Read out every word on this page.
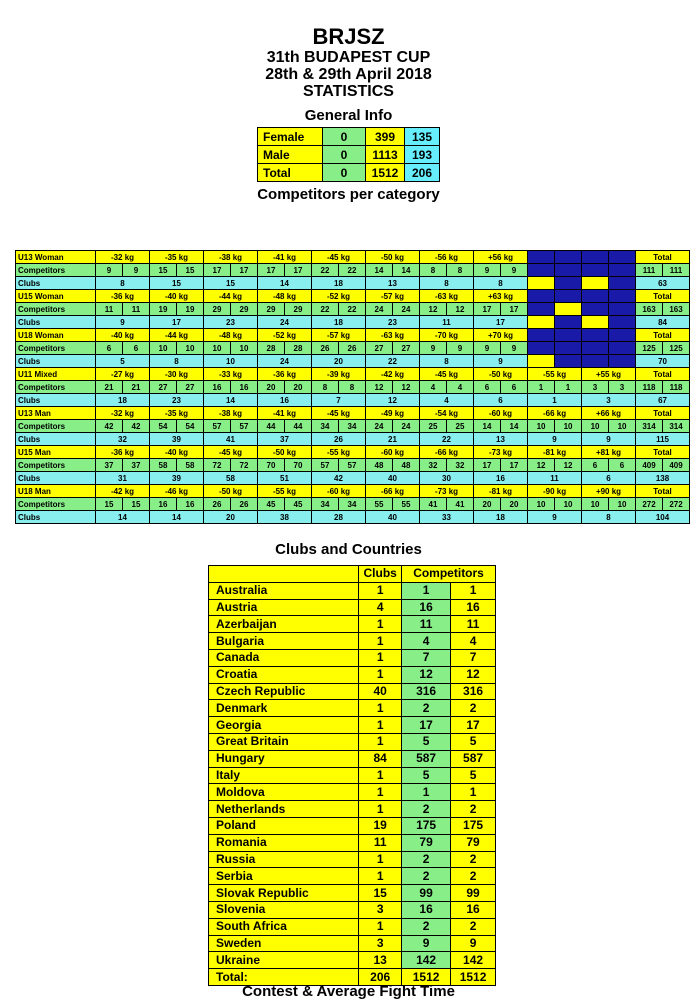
BRJSZ
31th BUDAPEST CUP
28th & 29th April 2018
STATISTICS
General Info
Female	0	399	135
Male	0	1113	193
Total	0	1512	206
Competitors per category
U13 Woman	-32 kg		-35 kg		-38 kg		-41 kg		-45 kg		-50 kg		-56 kg		+56 kg						Total	
Competitors	9	9	15	15	17	17	17	17	22	22	14	14	8	8	9	9					111	111
Clubs	8		15		15		14		18		13		8		8						63	
U15 Woman	-36 kg		-40 kg		-44 kg		-48 kg		-52 kg		-57 kg		-63 kg		+63 kg						Total	
Competitors	11	11	19	19	29	29	29	29	22	22	24	24	12	12	17	17					163	163
Clubs	9		17		23		24		18		23		11		17						84	
U18 Woman	-40 kg		-44 kg		-48 kg		-52 kg		-57 kg		-63 kg		-70 kg		+70 kg						Total	
Competitors	6	6	10	10	10	10	28	28	26	26	27	27	9	9	9	9					125	125
Clubs	5		8		10		24		20		22		8		9						70	
U11 Mixed	-27 kg		-30 kg		-33 kg		-36 kg		-39 kg		-42 kg		-45 kg		-50 kg		-55 kg		+55 kg		Total	
Competitors	21	21	27	27	16	16	20	20	8	8	12	12	4	4	6	6	1	1	3	3	118	118
Clubs	18		23		14		16		7		12		4		6		1		3		67	
U13 Man	-32 kg		-35 kg		-38 kg		-41 kg		-45 kg		-49 kg		-54 kg		-60 kg		-66 kg		+66 kg		Total	
Competitors	42	42	54	54	57	57	44	44	34	34	24	24	25	25	14	14	10	10	10	10	314	314
Clubs	32		39		41		37		26		21		22		13		9		9		115	
U15 Man	-36 kg		-40 kg		-45 kg		-50 kg		-55 kg		-60 kg		-66 kg		-73 kg		-81 kg		+81 kg		Total	
Competitors	37	37	58	58	72	72	70	70	57	57	48	48	32	32	17	17	12	12	6	6	409	409
Clubs	31		39		58		51		42		40		30		16		11		6		138	
U18 Man	-42 kg		-46 kg		-50 kg		-55 kg		-60 kg		-66 kg		-73 kg		-81 kg		-90 kg		+90 kg		Total	
Competitors	15	15	16	16	26	26	45	45	34	34	55	55	41	41	20	20	10	10	10	10	272	272
Clubs	14		14		20		38		28		40		33		18		9		8		104	
Clubs and Countries
	Clubs	Competitors	
Australia	1	1	1
Austria	4	16	16
Azerbaijan	1	11	11
Bulgaria	1	4	4
Canada	1	7	7
Croatia	1	12	12
Czech Republic	40	316	316
Denmark	1	2	2
Georgia	1	17	17
Great Britain	1	5	5
Hungary	84	587	587
Italy	1	5	5
Moldova	1	1	1
Netherlands	1	2	2
Poland	19	175	175
Romania	11	79	79
Russia	1	2	2
Serbia	1	2	2
Slovak Republic	15	99	99
Slovenia	3	16	16
South Africa	1	2	2
Sweden	3	9	9
Ukraine	13	142	142
Total:	206	1512	1512
Contest & Average Fight Time
